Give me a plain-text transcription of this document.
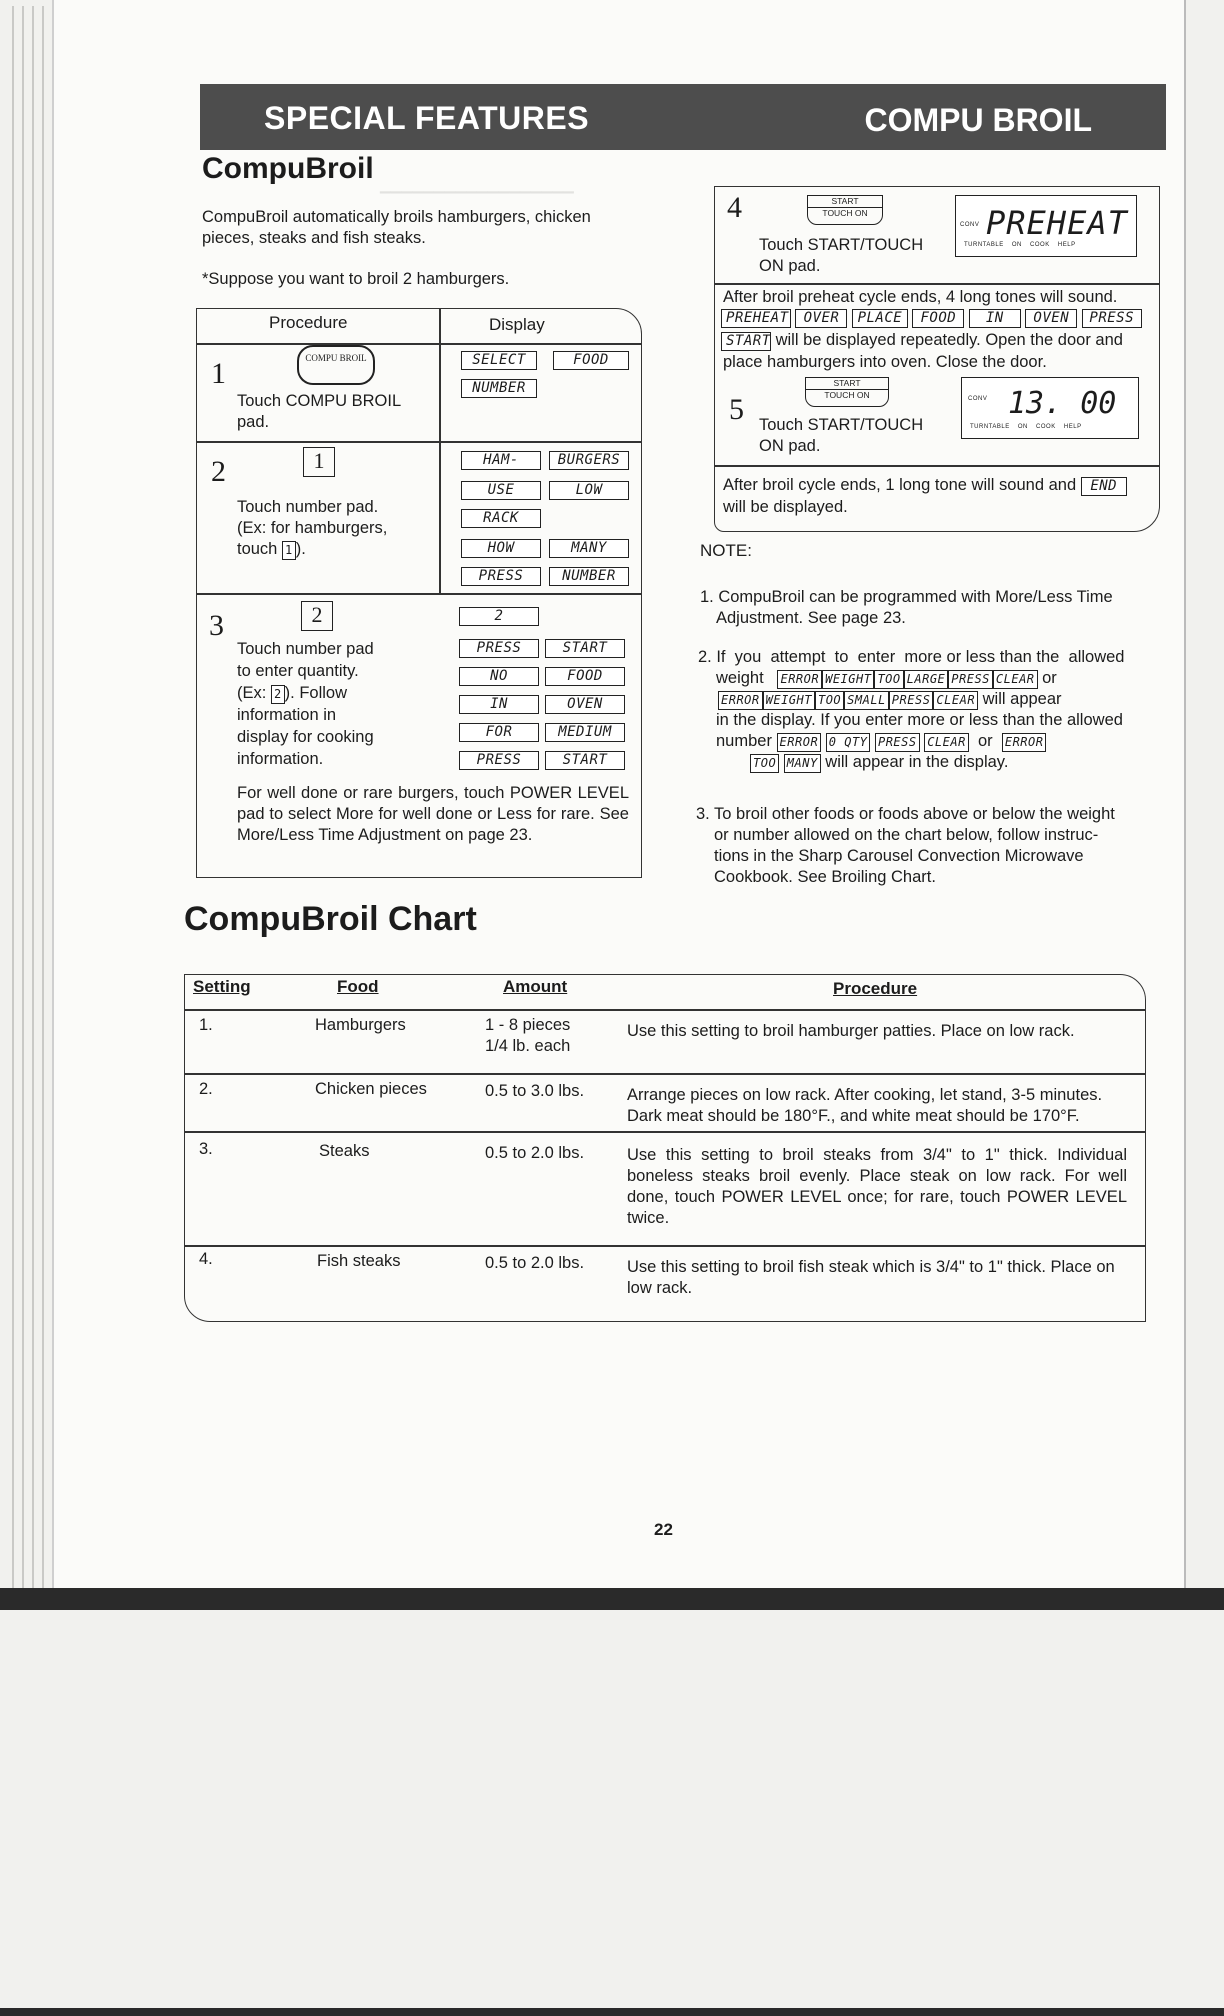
▁▁▁▁▁▁▁▁▁▁▁▁▁▁▁▁▁▁
SPECIAL FEATURES	COMPU BROIL
CompuBroil
CompuBroil automatically broils hamburgers, chicken pieces, steaks and fish steaks.
*Suppose you want to broil 2 hamburgers.
Procedure	Display
1	COMPU BROIL
Touch COMPU BROIL pad.
SELECT	FOOD
NUMBER
2	1
Touch number pad.
(Ex: for hamburgers,
touch 1 ).
HAM-	BURGERS
USE	LOW
RACK
HOW	MANY
PRESS	NUMBER
3	2
Touch number pad
to enter quantity.
(Ex: 2 ). Follow
information in
display for cooking
information.
2
PRESS	START
NO	FOOD
IN	OVEN
FOR	MEDIUM
PRESS	START
For well done or rare burgers, touch POWER LEVEL pad to select More for well done or Less for rare. See More/Less Time Adjustment on page 23.
4	START
TOUCH ON
Touch START/TOUCH
ON pad.
CONV PREHEAT
TURNTABLE ON COOK HELP
After broil preheat cycle ends, 4 long tones will sound.
PREHEAT OVER PLACE FOOD IN OVEN PRESS
START will be displayed repeatedly. Open the door and
place hamburgers into oven. Close the door.
5
START
TOUCH ON
Touch START/TOUCH
ON pad.
CONV 13. 00
TURNTABLE ON COOK HELP
After broil cycle ends, 1 long tone will sound and END
will be displayed.
NOTE:
1. CompuBroil can be programmed with More/Less Time
Adjustment. See page 23.
2. If  you  attempt  to  enter  more or less than the  allowed
weight ERROR WEIGHT TOO LARGE PRESS CLEAR or
ERROR WEIGHT TOO SMALL PRESS CLEAR will appear
in the display. If you enter more or less than the allowed
number ERROR 0 QTY PRESS CLEAR or ERROR
TOO MANY will appear in the display.
3. To broil other foods or foods above or below the weight
or number allowed on the chart below, follow instruc-
tions in the Sharp Carousel Convection Microwave
Cookbook. See Broiling Chart.
CompuBroil Chart
Setting	Food	Amount	Procedure
1.	Hamburgers	1 - 8 pieces
1/4 lb. each
Use this setting to broil hamburger patties. Place on low rack.
2.	Chicken pieces	0.5 to 3.0 lbs.	Arrange pieces on low rack. After cooking, let stand, 3-5 minutes. Dark meat should be 180°F., and white meat should be 170°F.
3.	Steaks	0.5 to 2.0 lbs.	Use this setting to broil steaks from 3/4" to 1" thick. Individual boneless steaks broil evenly. Place steak on low rack. For well done, touch POWER LEVEL once; for rare, touch POWER LEVEL twice.
4.	Fish steaks	0.5 to 2.0 lbs.	Use this setting to broil fish steak which is 3/4" to 1" thick. Place on low rack.
22
